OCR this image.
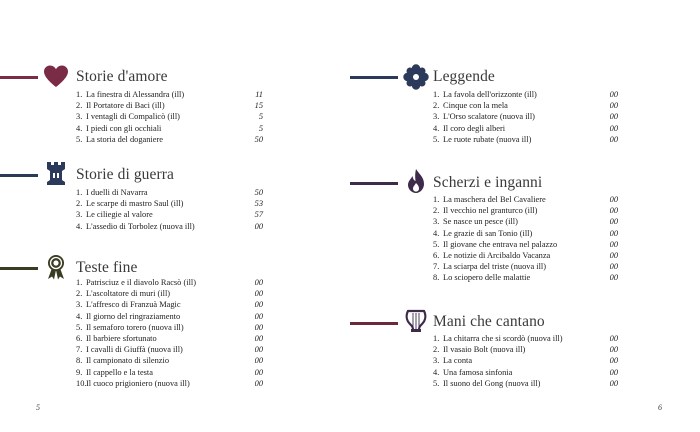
Storie d'amore
1. La finestra di Alessandra (ill)	11
2. Il Portatore di Baci (ill)	15
3. I ventagli di Compalicò (ill)	5
4. I piedi con gli occhiali	5
5. La storia del doganiere	50
Storie di guerra
1. I duelli di Navarra	50
2. Le scarpe di mastro Saul (ill)	53
3. Le ciliegie al valore	57
4. L'assedio di Torbolez (nuova ill)	00
Teste fine
1. Patrisciuz e il diavolo Racsò (ill)	00
2. L'ascoltatore di muri (ill)	00
3. L'affresco di Franzuà Magic	00
4. Il giorno del ringraziamento	00
5. Il semaforo torero (nuova ill)	00
6. Il barbiere sfortunato	00
7. I cavalli di Giuffà (nuova ill)	00
8. Il campionato di silenzio	00
9. Il cappello e la testa	00
10. Il cuoco prigioniero (nuova ill)	00
5
Leggende
1. La favola dell'orizzonte (ill)	00
2. Cinque con la mela	00
3. L'Orso scalatore (nuova ill)	00
4. Il coro degli alberi	00
5. Le ruote rubate (nuova ill)	00
Scherzi e inganni
1. La maschera del Bel Cavaliere	00
2. Il vecchio nel granturco (ill)	00
3. Se nasce un pesce (ill)	00
4. Le grazie di san Tonio (ill)	00
5. Il giovane che entrava nel palazzo	00
6. Le notizie di Arcibaldo Vacanza	00
7. La sciarpa del triste (nuova ill)	00
8. Lo sciopero delle malattie	00
Mani che cantano
1. La chitarra che si scordò (nuova ill)	00
2. Il vasaio Bolt (nuova ill)	00
3. La conta	00
4. Una famosa sinfonia	00
5. Il suono del Gong (nuova ill)	00
6
